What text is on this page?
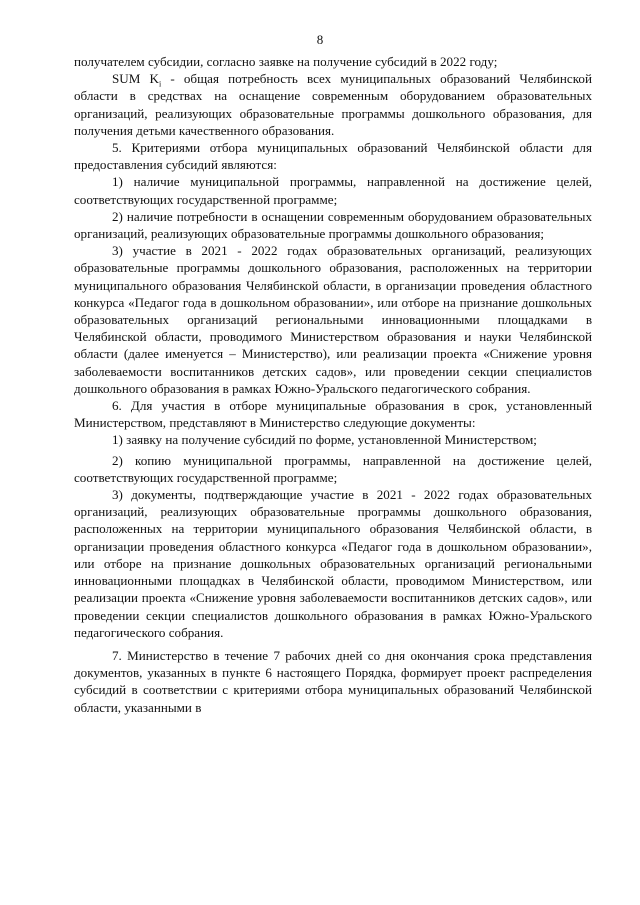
8

получателем субсидии, согласно заявке на получение субсидий в 2022 году;

SUM $K_i$ - общая потребность всех муниципальных образований Челябинской области в средствах на оснащение современным оборудованием образовательных организаций, реализующих образовательные программы дошкольного образования, для получения детьми качественного образования.

5. Критериями отбора муниципальных образований Челябинской области для предоставления субсидий являются:

1) наличие муниципальной программы, направленной на достижение целей, соответствующих государственной программе;

2) наличие потребности в оснащении современным оборудованием образовательных организаций, реализующих образовательные программы дошкольного образования;

3) участие в 2021 - 2022 годах образовательных организаций, реализующих образовательные программы дошкольного образования, расположенных на территории муниципального образования Челябинской области, в организации проведения областного конкурса «Педагог года в дошкольном образовании», или отборе на признание дошкольных образовательных организаций региональными инновационными площадками в Челябинской области, проводимого Министерством образования и науки Челябинской области (далее именуется – Министерство), или реализации проекта «Снижение уровня заболеваемости воспитанников детских садов», или проведении секции специалистов дошкольного образования в рамках Южно-Уральского педагогического собрания.

6. Для участия в отборе муниципальные образования в срок, установленный Министерством, представляют в Министерство следующие документы:

1) заявку на получение субсидий по форме, установленной Министерством;

2) копию муниципальной программы, направленной на достижение целей, соответствующих государственной программе;

3) документы, подтверждающие участие в 2021 - 2022 годах образовательных организаций, реализующих образовательные программы дошкольного образования, расположенных на территории муниципального образования Челябинской области, в организации проведения областного конкурса «Педагог года в дошкольном образовании», или отборе на признание дошкольных образовательных организаций региональными инновационными площадках в Челябинской области, проводимом Министерством, или реализации проекта «Снижение уровня заболеваемости воспитанников детских садов», или проведении секции специалистов дошкольного образования в рамках Южно-Уральского педагогического собрания.

7. Министерство в течение 7 рабочих дней со дня окончания срока представления документов, указанных в пункте 6 настоящего Порядка, формирует проект распределения субсидий в соответствии с критериями отбора муниципальных образований Челябинской области, указанными в
